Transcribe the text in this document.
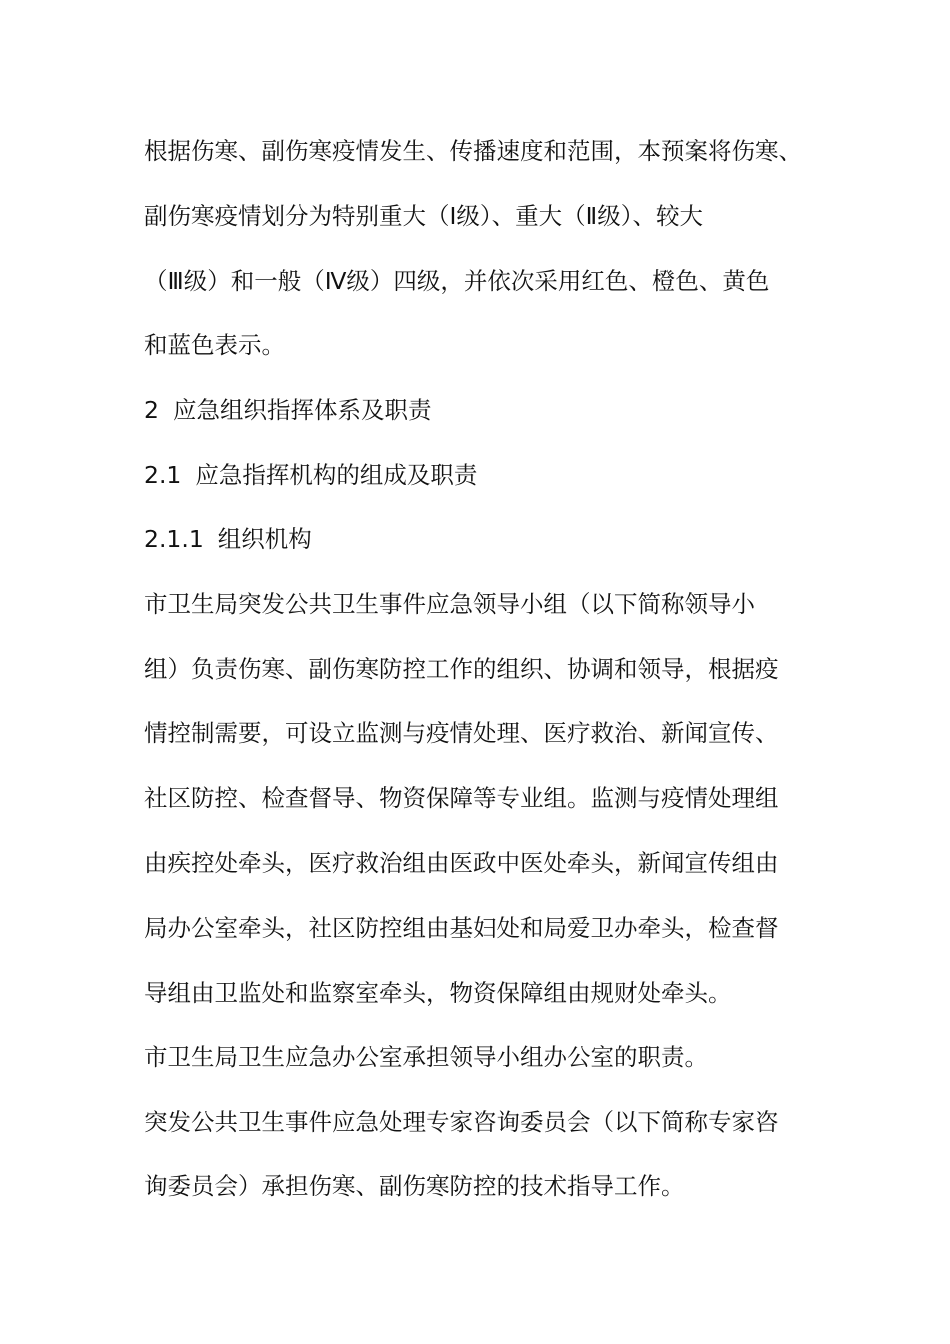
根据伤寒、副伤寒疫情发生、传播速度和范围，本预案将伤寒、
副伤寒疫情划分为特别重大（Ⅰ级）、重大（Ⅱ级）、较大
（Ⅲ级）和一般（Ⅳ级）四级，并依次采用红色、橙色、黄色
和蓝色表示。
2 应急组织指挥体系及职责
2.1 应急指挥机构的组成及职责
2.1.1 组织机构
市卫生局突发公共卫生事件应急领导小组（以下简称领导小
组）负责伤寒、副伤寒防控工作的组织、协调和领导，根据疫
情控制需要，可设立监测与疫情处理、医疗救治、新闻宣传、
社区防控、检查督导、物资保障等专业组。监测与疫情处理组
由疾控处牵头，医疗救治组由医政中医处牵头，新闻宣传组由
局办公室牵头，社区防控组由基妇处和局爱卫办牵头，检查督
导组由卫监处和监察室牵头，物资保障组由规财处牵头。
市卫生局卫生应急办公室承担领导小组办公室的职责。
突发公共卫生事件应急处理专家咨询委员会（以下简称专家咨
询委员会）承担伤寒、副伤寒防控的技术指导工作。
